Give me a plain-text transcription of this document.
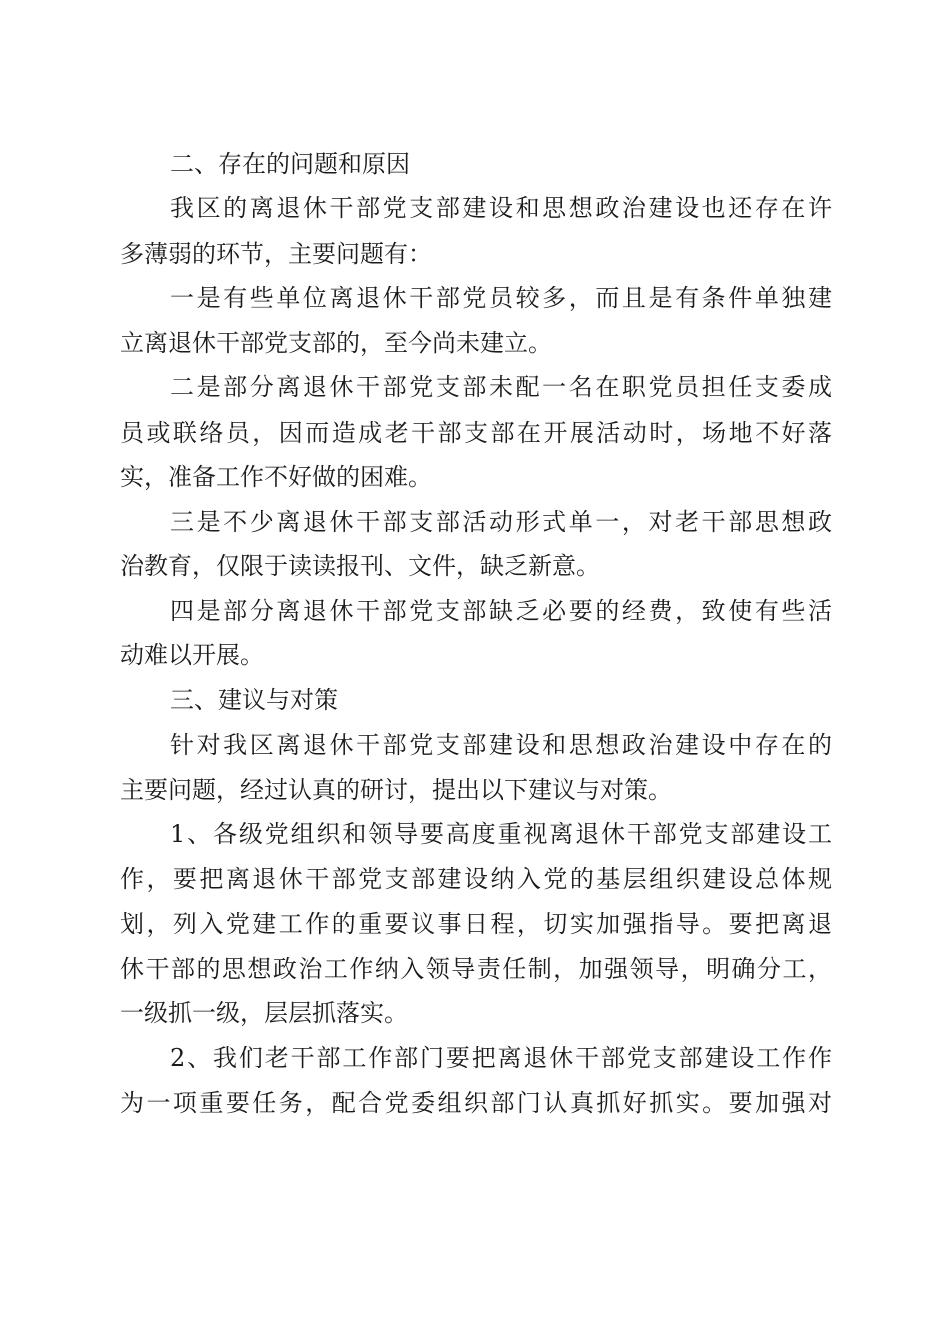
二、存在的问题和原因
我区的离退休干部党支部建设和思想政治建设也还存在许
多薄弱的环节，主要问题有：
一是有些单位离退休干部党员较多，而且是有条件单独建
立离退休干部党支部的，至今尚未建立。
二是部分离退休干部党支部未配一名在职党员担任支委成
员或联络员，因而造成老干部支部在开展活动时，场地不好落
实，准备工作不好做的困难。
三是不少离退休干部支部活动形式单一，对老干部思想政
治教育，仅限于读读报刊、文件，缺乏新意。
四是部分离退休干部党支部缺乏必要的经费，致使有些活
动难以开展。
三、建议与对策
针对我区离退休干部党支部建设和思想政治建设中存在的
主要问题，经过认真的研讨，提出以下建议与对策。
1、各级党组织和领导要高度重视离退休干部党支部建设工
作，要把离退休干部党支部建设纳入党的基层组织建设总体规
划，列入党建工作的重要议事日程，切实加强指导。要把离退
休干部的思想政治工作纳入领导责任制，加强领导，明确分工，
一级抓一级，层层抓落实。
2、我们老干部工作部门要把离退休干部党支部建设工作作
为一项重要任务，配合党委组织部门认真抓好抓实。要加强对
